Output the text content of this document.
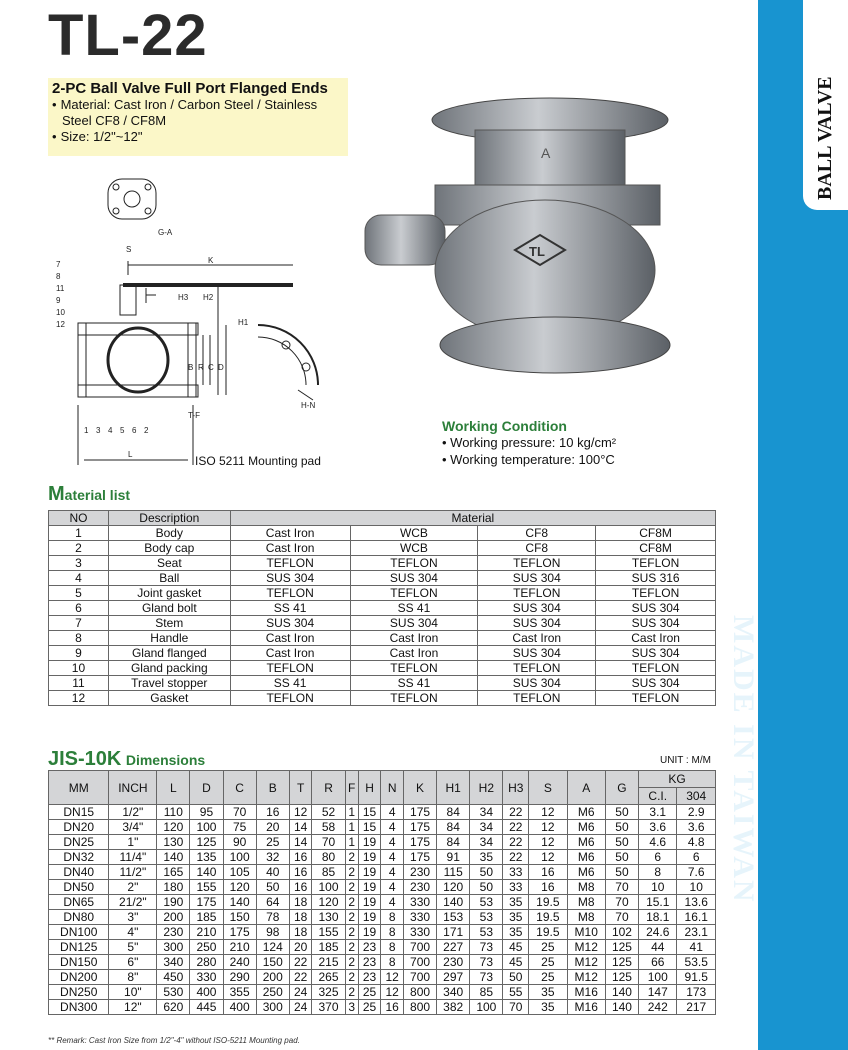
TL-22
2-PC Ball Valve Full Port Flanged Ends
• Material: Cast Iron / Carbon Steel / Stainless Steel CF8 / CF8M
• Size: 1/2"~12"
G-A
S
K
H3 H2
H1
B R C D
T-F
H-N
L
7
8
11
9
10
12
1 3 4 5 6 2
ISO 5211 Mounting pad
TL
A
Working Condition
• Working pressure: 10 kg/cm²
• Working temperature: 100°C
Material list
NO	Description	Material			
1	Body	Cast Iron	WCB	CF8	CF8M
2	Body cap	Cast Iron	WCB	CF8	CF8M
3	Seat	TEFLON	TEFLON	TEFLON	TEFLON
4	Ball	SUS 304	SUS 304	SUS 304	SUS 316
5	Joint gasket	TEFLON	TEFLON	TEFLON	TEFLON
6	Gland bolt	SS 41	SS 41	SUS 304	SUS 304
7	Stem	SUS 304	SUS 304	SUS 304	SUS 304
8	Handle	Cast Iron	Cast Iron	Cast Iron	Cast Iron
9	Gland flanged	Cast Iron	Cast Iron	SUS 304	SUS 304
10	Gland packing	TEFLON	TEFLON	TEFLON	TEFLON
11	Travel stopper	SS 41	SS 41	SUS 304	SUS 304
12	Gasket	TEFLON	TEFLON	TEFLON	TEFLON
JIS-10K Dimensions	UNIT : M/M
MM	INCH	L	D	C	B	T	R	F	H	N	K	H1	H2	H3	S	A	G	KG	
																		C.I.	304
DN15	1/2"	110	95	70	16	12	52	1	15	4	175	84	34	22	12	M6	50	3.1	2.9
DN20	3/4"	120	100	75	20	14	58	1	15	4	175	84	34	22	12	M6	50	3.6	3.6
DN25	1"	130	125	90	25	14	70	1	19	4	175	84	34	22	12	M6	50	4.6	4.8
DN32	11/4"	140	135	100	32	16	80	2	19	4	175	91	35	22	12	M6	50	6	6
DN40	11/2"	165	140	105	40	16	85	2	19	4	230	115	50	33	16	M6	50	8	7.6
DN50	2"	180	155	120	50	16	100	2	19	4	230	120	50	33	16	M8	70	10	10
DN65	21/2"	190	175	140	64	18	120	2	19	4	330	140	53	35	19.5	M8	70	15.1	13.6
DN80	3"	200	185	150	78	18	130	2	19	8	330	153	53	35	19.5	M8	70	18.1	16.1
DN100	4"	230	210	175	98	18	155	2	19	8	330	171	53	35	19.5	M10	102	24.6	23.1
DN125	5"	300	250	210	124	20	185	2	23	8	700	227	73	45	25	M12	125	44	41
DN150	6"	340	280	240	150	22	215	2	23	8	700	230	73	45	25	M12	125	66	53.5
DN200	8"	450	330	290	200	22	265	2	23	12	700	297	73	50	25	M12	125	100	91.5
DN250	10"	530	400	355	250	24	325	2	25	12	800	340	85	55	35	M16	140	147	173
DN300	12"	620	445	400	300	24	370	3	25	16	800	382	100	70	35	M16	140	242	217
** Remark: Cast Iron Size from 1/2"-4" without ISO-5211 Mounting pad.
BALL VALVE
MADE IN TAIWAN
